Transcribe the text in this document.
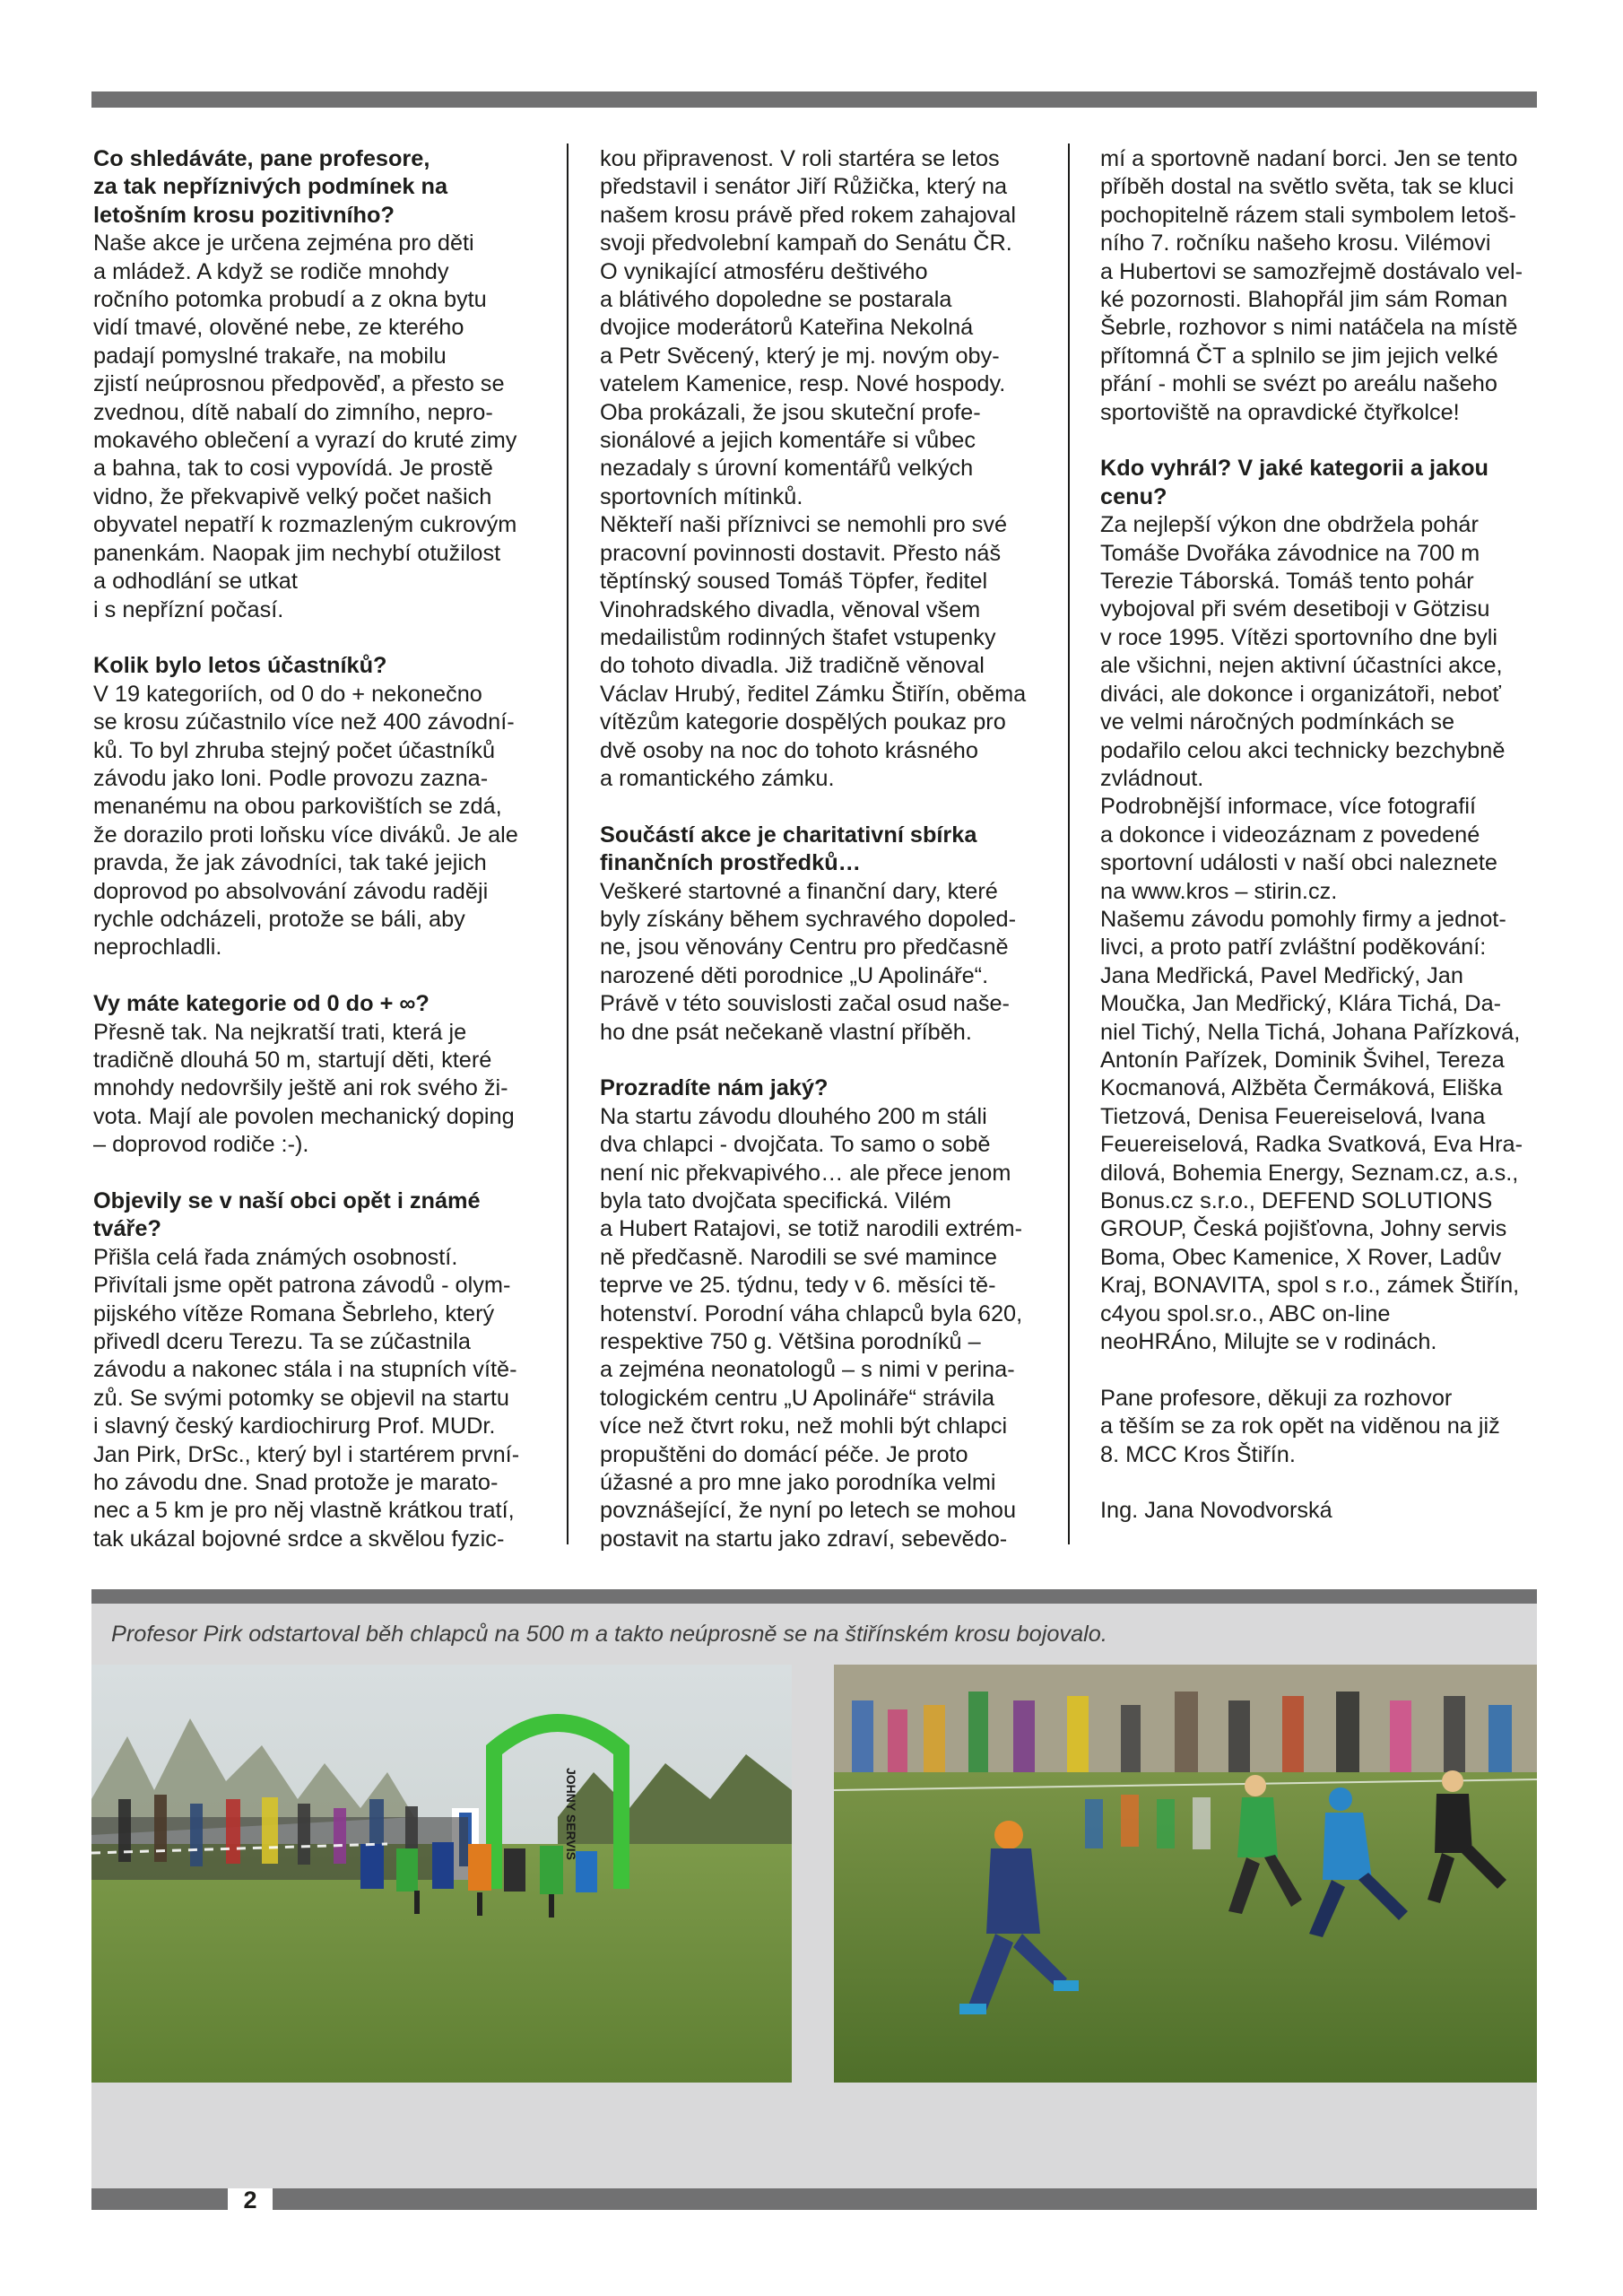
Co shledáváte, pane profesore,
za tak nepříznivých podmínek na
letošním krosu pozitivního?
Naše akce je určena zejména pro děti
a mládež. A když se rodiče mnohdy
ročního potomka probudí a z okna bytu
vidí tmavé, olověné nebe, ze kterého
padají pomyslné trakaře, na mobilu
zjistí neúprosnou předpověď, a přesto se
zvednou, dítě nabalí do zimního, nepro-
mokavého oblečení a vyrazí do kruté zimy
a bahna, tak to cosi vypovídá. Je prostě
vidno, že překvapivě velký počet našich
obyvatel nepatří k rozmazleným cukrovým
panenkám. Naopak jim nechybí otužilost
a odhodlání se utkat
i s nepřízní počasí.
Kolik bylo letos účastníků?
V 19 kategoriích, od 0 do + nekonečno
se krosu zúčastnilo více než 400 závodní-
ků. To byl zhruba stejný počet účastníků
závodu jako loni. Podle provozu zazna-
menanému na obou parkovištích se zdá,
že dorazilo proti loňsku více diváků. Je ale
pravda, že jak závodníci, tak také jejich
doprovod po absolvování závodu raději
rychle odcházeli, protože se báli, aby
neprochladli.
Vy máte kategorie od 0 do + ∞?
Přesně tak. Na nejkratší trati, která je
tradičně dlouhá 50 m, startují děti, které
mnohdy nedovršily ještě ani rok svého ži-
vota. Mají ale povolen mechanický doping
– doprovod rodiče :-).
Objevily se v naší obci opět i známé
tváře?
Přišla celá řada známých osobností.
Přivítali jsme opět patrona závodů - olym-
pijského vítěze Romana Šebrleho, který
přivedl dceru Terezu. Ta se zúčastnila
závodu a nakonec stála i na stupních vítě-
zů. Se svými potomky se objevil na startu
i slavný český kardiochirurg Prof. MUDr.
Jan Pirk, DrSc., který byl i startérem první-
ho závodu dne. Snad protože je marato-
nec a 5 km je pro něj vlastně krátkou tratí,
tak ukázal bojovné srdce a skvělou fyzic-
kou připravenost. V roli startéra se letos
představil i senátor Jiří Růžička, který na
našem krosu právě před rokem zahajoval
svoji předvolební kampaň do Senátu ČR.
O vynikající atmosféru deštivého
a blátivého dopoledne se postarala
dvojice moderátorů Kateřina Nekolná
a Petr Svěcený, který je mj. novým oby-
vatelem Kamenice, resp. Nové hospody.
Oba prokázali, že jsou skuteční profe-
sionálové a jejich komentáře si vůbec
nezadaly s úrovní komentářů velkých
sportovních mítinků.
Někteří naši příznivci se nemohli pro své
pracovní povinnosti dostavit. Přesto náš
těptínský soused Tomáš Töpfer, ředitel
Vinohradského divadla, věnoval všem
medailistům rodinných štafet vstupenky
do tohoto divadla. Již tradičně věnoval
Václav Hrubý, ředitel Zámku Štiřín, oběma
vítězům kategorie dospělých poukaz pro
dvě osoby na noc do tohoto krásného
a romantického zámku.
Součástí akce je charitativní sbírka
finančních prostředků…
Veškeré startovné a finanční dary, které
byly získány během sychravého dopoled-
ne, jsou věnovány Centru pro předčasně
narozené děti porodnice „U Apolináře“.
Právě v této souvislosti začal osud naše-
ho dne psát nečekaně vlastní příběh.
Prozradíte nám jaký?
Na startu závodu dlouhého 200 m stáli
dva chlapci - dvojčata. To samo o sobě
není nic překvapivého… ale přece jenom
byla tato dvojčata specifická. Vilém
a Hubert Ratajovi, se totiž narodili extrém-
ně předčasně. Narodili se své mamince
teprve ve 25. týdnu, tedy v 6. měsíci tě-
hotenství. Porodní váha chlapců byla 620,
respektive 750 g. Většina porodníků –
a zejména neonatologů – s nimi v perina-
tologickém centru „U Apolináře“ strávila
více než čtvrt roku, než mohli být chlapci
propuštěni do domácí péče. Je proto
úžasné a pro mne jako porodníka velmi
povznášející, že nyní po letech se mohou
postavit na startu jako zdraví, sebevědo-
mí a sportovně nadaní borci. Jen se tento
příběh dostal na světlo světa, tak se kluci
pochopitelně rázem stali symbolem letoš-
ního 7. ročníku našeho krosu. Vilémovi
a Hubertovi se samozřejmě dostávalo vel-
ké pozornosti. Blahopřál jim sám Roman
Šebrle, rozhovor s nimi natáčela na místě
přítomná ČT a splnilo se jim jejich velké
přání - mohli se svézt po areálu našeho
sportoviště na opravdické čtyřkolce!
Kdo vyhrál? V jaké kategorii a jakou
cenu?
Za nejlepší výkon dne obdržela pohár
Tomáše Dvořáka závodnice na 700 m
Terezie Táborská. Tomáš tento pohár
vybojoval při svém desetiboji v Götzisu
v roce 1995. Vítězi sportovního dne byli
ale všichni, nejen aktivní účastníci akce,
diváci, ale dokonce i organizátoři, neboť
ve velmi náročných podmínkách se
podařilo celou akci technicky bezchybně
zvládnout.
Podrobnější informace, více fotografií
a dokonce i videozáznam z povedené
sportovní události v naší obci naleznete
na www.kros – stirin.cz.
Našemu závodu pomohly firmy a jednot-
livci, a proto patří zvláštní poděkování:
Jana Medřická, Pavel Medřický, Jan
Moučka, Jan Medřický, Klára Tichá, Da-
niel Tichý, Nella Tichá, Johana Pařízková,
Antonín Pařízek, Dominik Švihel, Tereza
Kocmanová, Alžběta Čermáková, Eliška
Tietzová, Denisa Feuereiselová, Ivana
Feuereiselová, Radka Svatková, Eva Hra-
dilová, Bohemia Energy, Seznam.cz, a.s.,
Bonus.cz s.r.o., DEFEND SOLUTIONS
GROUP, Česká pojišťovna, Johny servis
Boma, Obec Kamenice, X Rover, Ladův
Kraj, BONAVITA, spol s r.o., zámek Štiřín,
c4you spol.sr.o., ABC on-line
neoHRÁno, Milujte se v rodinách.
Pane profesore, děkuji za rozhovor
a těším se za rok opět na viděnou na již
8. MCC Kros Štiřín.
Ing. Jana Novodvorská
Profesor Pirk odstartoval běh chlapců na 500 m a takto neúprosně se na štiřínském krosu bojovalo.
JOHNY SERVIS
2
